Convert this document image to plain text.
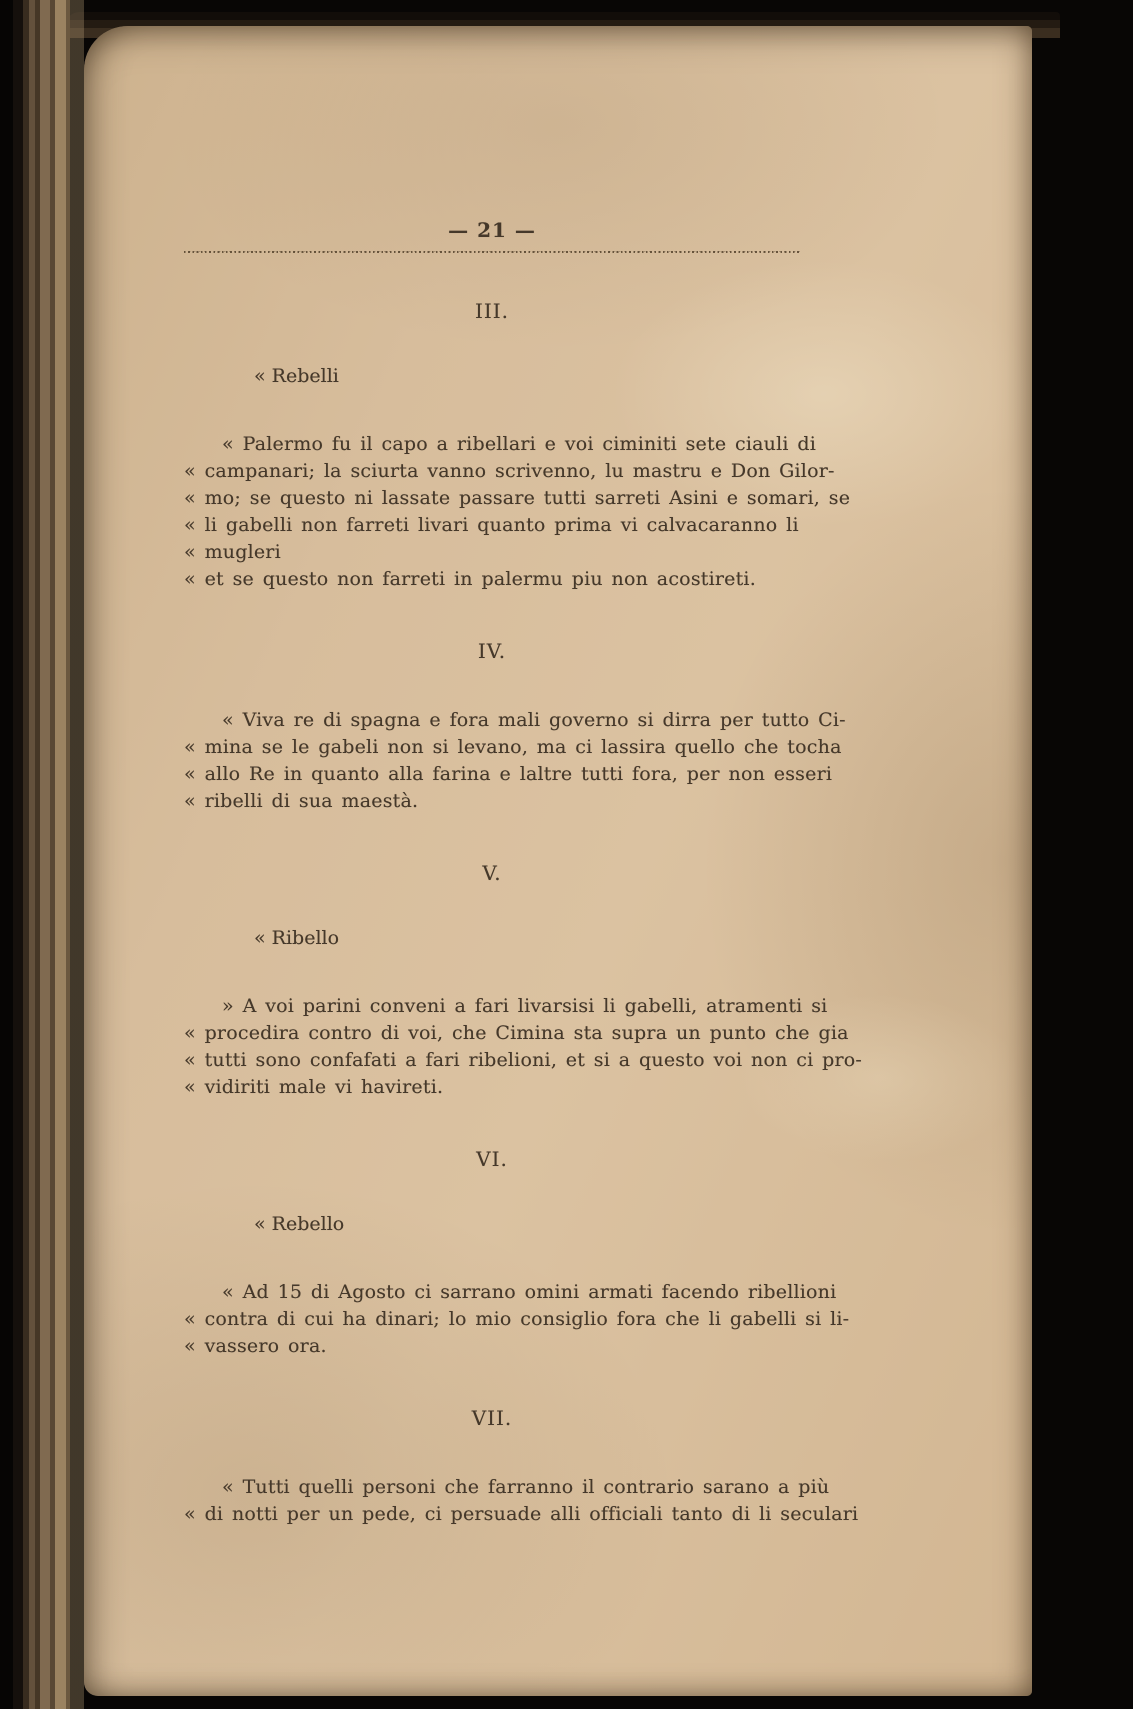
— 21 —
III.
« Rebelli
« Palermo fu il capo a ribellari e voi ciminiti sete ciauli di
« campanari; la sciurta vanno scrivenno, lu mastru e Don Gilor-
« mo; se questo ni lassate passare tutti sarreti Asini e somari, se
« li gabelli non farreti livari quanto prima vi calvacaranno li
« mugleri
« et se questo non farreti in palermu piu non acostireti.
IV.
« Viva re di spagna e fora mali governo si dirra per tutto Ci-
« mina se le gabeli non si levano, ma ci lassira quello che tocha
« allo Re in quanto alla farina e laltre tutti fora, per non esseri
« ribelli di sua maestà.
V.
« Ribello
» A voi parini conveni a fari livarsisi li gabelli, atramenti si
« procedira contro di voi, che Cimina sta supra un punto che gia
« tutti sono confafati a fari ribelioni, et si a questo voi non ci pro-
« vidiriti male vi havireti.
VI.
« Rebello
« Ad 15 di Agosto ci sarrano omini armati facendo ribellioni
« contra di cui ha dinari; lo mio consiglio fora che li gabelli si li-
« vassero ora.
VII.
« Tutti quelli personi che farranno il contrario sarano a più
« di notti per un pede, ci persuade alli officiali tanto di li seculari
